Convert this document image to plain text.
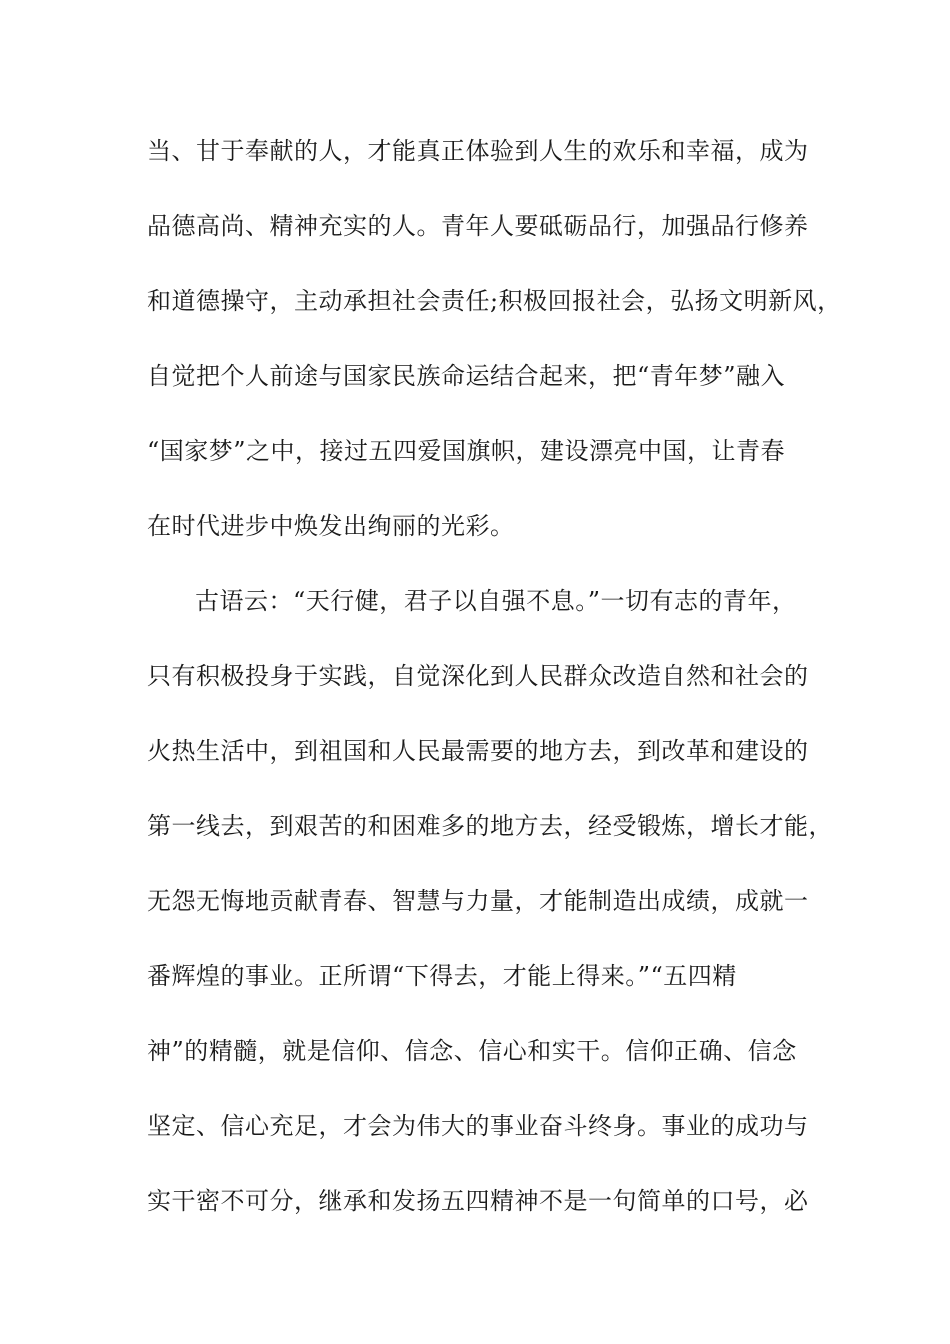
当、甘于奉献的人，才能真正体验到人生的欢乐和幸福，成为
品德高尚、精神充实的人。青年人要砥砺品行，加强品行修养
和道德操守，主动承担社会责任;积极回报社会，弘扬文明新风，
自觉把个人前途与国家民族命运结合起来，把“青年梦”融入
“国家梦”之中，接过五四爱国旗帜，建设漂亮中国，让青春
在时代进步中焕发出绚丽的光彩。
古语云：“天行健，君子以自强不息。”一切有志的青年，
只有积极投身于实践，自觉深化到人民群众改造自然和社会的
火热生活中，到祖国和人民最需要的地方去，到改革和建设的
第一线去，到艰苦的和困难多的地方去，经受锻炼，增长才能，
无怨无悔地贡献青春、智慧与力量，才能制造出成绩，成就一
番辉煌的事业。正所谓“下得去，才能上得来。”“五四精
神”的精髓，就是信仰、信念、信心和实干。信仰正确、信念
坚定、信心充足，才会为伟大的事业奋斗终身。事业的成功与
实干密不可分，继承和发扬五四精神不是一句简单的口号，必
